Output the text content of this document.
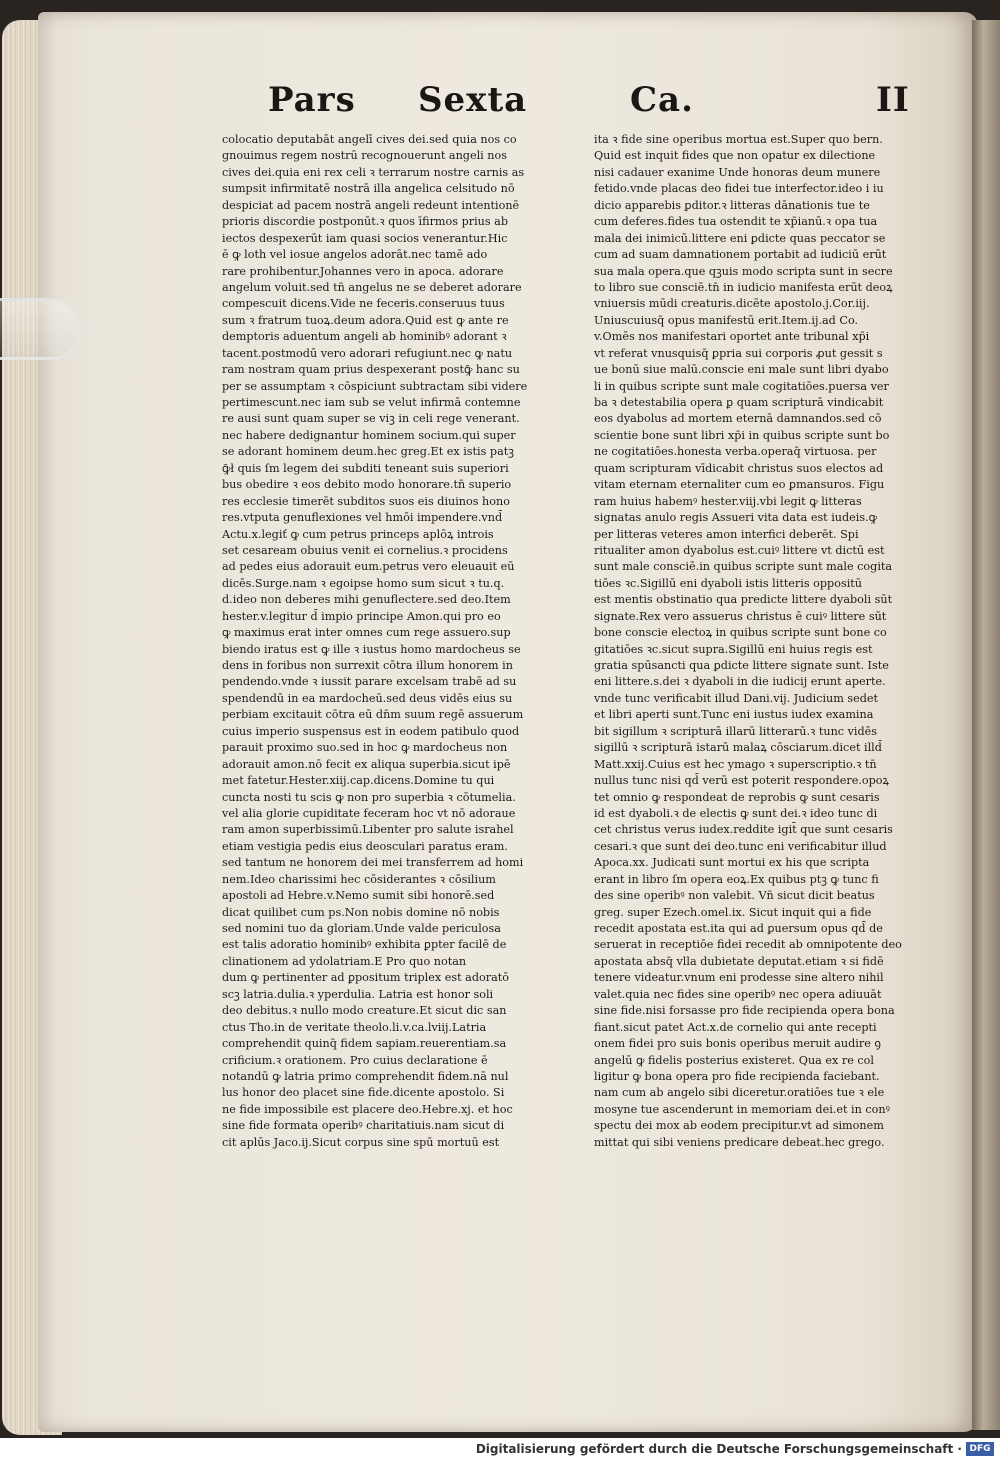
Pars Sexta	Ca.	II
colocatio deputabāt angelī cives dei.sed quia nos co
gnouimus regem nostrū recognouerunt angeli nos
cives dei.quia eni rex celi ꝛ terrarum nostre carnis as
sumpsit infirmitatē nostrā illa angelica celsitudo nō
despiciat ad pacem nostrā angeli redeunt intentionē
prioris discordie postponūt.ꝛ quos īfirmos prius ab
iectos despexerūt iam quasi socios venerantur.Hic
ē ꝙ loth vel iosue angelos adorāt.nec tamē ado
rare prohibentur.Johannes vero in apoca. adorare
angelum voluit.sed tn̄ angelus ne se deberet adorare
compescuit dicens.Vide ne feceris.conseruus tuus
sum ꝛ fratrum tuoꝝ.deum adora.Quid est ꝙ ante re
demptoris aduentum angeli ab hominibꝰ adorant ꝛ
tacent.postmodū vero adorari refugiunt.nec ꝙ natu
ram nostram quam prius despexerant postꝙ̄ hanc su
per se assumptam ꝛ cōspiciunt subtractam sibi videre
pertimescunt.nec iam sub se velut infirmā contemne
re ausi sunt quam super se viꝫ in celi rege venerant.
nec habere dedignantur hominem socium.qui super
se adorant hominem deum.hec greg.Et ex istis patꝫ
ꝙ̄ł quis ſm legem dei subditi teneant suis superiori
bus obedire ꝛ eos debito modo honorare.tn̄ superio
res ecclesie timerēt subditos suos eis diuinos hono
res.vtputa genuflexiones vel hmōi impendere.vnd̄
Actu.x.legiť ꝙ cum petrus princeps aplōꝝ introis
set cesaream obuius venit ei cornelius.ꝛ procidens
ad pedes eius adorauit eum.petrus vero eleuauit eū
dicēs.Surge.nam ꝛ egoipse homo sum sicut ꝛ tu.q.
d.ideo non deberes mihi genuflectere.sed deo.Item
hester.v.legitur d̄ impio principe Amon.qui pro eo
ꝙ maximus erat inter omnes cum rege assuero.sup
biendo iratus est ꝙ ille ꝛ iustus homo mardocheus se
dens in foribus non surrexit cōtra illum honorem in
pendendo.vnde ꝛ iussit parare excelsam trabē ad su
spendendū in ea mardocheū.sed deus vidēs eius su
perbiam excitauit cōtra eū dn̄m suum regē assuerum
cuius imperio suspensus est in eodem patibulo quod
parauit proximo suo.sed in hoc ꝙ mardocheus non
adorauit amon.nō fecit ex aliqua superbia.sicut ipē
met fatetur.Hester.xiij.cap.dicens.Domine tu qui
cuncta nosti tu scis ꝙ non pro superbia ꝛ cōtumelia.
vel alia glorie cupiditate feceram hoc vt nō adoraue
ram amon superbissimū.Libenter pro salute israhel
etiam vestigia pedis eius deosculari paratus eram.
sed tantum ne honorem dei mei transferrem ad homi
nem.Ideo charissimi hec cōsiderantes ꝛ cōsilium
apostoli ad Hebre.v.Nemo sumit sibi honorē.sed
dicat quilibet cum ps.Non nobis domine nō nobis
sed nomini tuo da gloriam.Unde valde periculosa
est talis adoratio hominibꝰ exhibita ꝑpter facilē de
clinationem ad ydolatriam.E Pro quo notan
dum ꝙ pertinenter ad ꝑpositum triplex est adoratō
scꝫ latria.dulia.ꝛ yperdulia. Latria est honor soli
deo debitus.ꝛ nullo modo creature.Et sicut dic san
ctus Tho.in de veritate theolo.li.v.ca.lviij.Latria
comprehendit quinq̄ fidem sapiam.reuerentiam.sa
crificium.ꝛ orationem. Pro cuius declaratione ē
notandū ꝙ latria primo comprehendit fidem.nā nul
lus honor deo placet sine fide.dicente apostolo. Si
ne fide impossibile est placere deo.Hebre.xj. et hoc
sine fide formata operibꝰ charitatiuis.nam sicut di
cit aplūs Jaco.ij.Sicut corpus sine spū mortuū est
ita ꝛ fide sine operibus mortua est.Super quo bern.
Quid est inquit fides que non opatur ex dilectione
nisi cadauer exanime Unde honoras deum munere
fetido.vnde placas deo fidei tue interfector.ideo i iu
dicio apparebis ꝑditor.ꝛ litteras dānationis tue te
cum deferes.fides tua ostendit te xp̄ianū.ꝛ opa tua
mala dei inimicū.littere eni ꝑdicte quas peccator se
cum ad suam damnationem portabit ad iudiciū erūt
sua mala opera.que qꝫuis modo scripta sunt in secre
to libro sue consciē.tn̄ in iudicio manifesta erūt deoꝝ
vniuersis mūdi creaturis.dicēte apostolo.j.Cor.iij.
Uniuscuiusq̄ opus manifestū erit.Item.ij.ad Co.
v.Omēs nos manifestari oportet ante tribunal xp̄i
vt referat vnusquisq̄ ꝑpria sui corporis ꝓut gessit s
ue bonū siue malū.conscie eni male sunt libri dyabo
li in quibus scripte sunt male cogitatiōes.puersa ver
ba ꝛ detestabilia opera ꝑ quam scripturā vindicabit
eos dyabolus ad mortem eternā damnandos.sed cō
scientie bone sunt libri xp̄i in quibus scripte sunt bo
ne cogitatiōes.honesta verba.operaq̄ virtuosa. per
quam scripturam vīdicabit christus suos electos ad
vitam eternam eternaliter cum eo ꝑmansuros. Figu
ram huius habemꝰ hester.viij.vbi legit ꝙ litteras
signatas anulo regis Assueri vita data est iudeis.ꝙ
per litteras veteres amon interfici deberēt. Spi
ritualiter amon dyabolus est.cuiꝰ littere vt dictū est
sunt male consciē.in quibus scripte sunt male cogita
tiōes ꝛc.Sigillū eni dyaboli istis litteris oppositū
est mentis obstinatio qua predicte littere dyaboli sūt
signate.Rex vero assuerus christus ē cuiꝰ littere sūt
bone conscie electoꝝ in quibus scripte sunt bone co
gitatiōes ꝛc.sicut supra.Sigillū eni huius regis est
gratia spūsancti qua ꝑdicte littere signate sunt. Iste
eni littere.s.dei ꝛ dyaboli in die iudicij erunt aperte.
vnde tunc verificabit illud Dani.vij. Judicium sedet
et libri aperti sunt.Tunc eni iustus iudex examina
bit sigillum ꝛ scripturā illarū litterarū.ꝛ tunc vidēs
sigillū ꝛ scripturā istarū malaꝝ cōsciarum.dicet illd̄
Matt.xxij.Cuius est hec ymago ꝛ superscriptio.ꝛ tn̄
nullus tunc nisi qd̄ verū est poterit respondere.opoꝝ
tet omnio ꝙ respondeat de reprobis ꝙ sunt cesaris
id est dyaboli.ꝛ de electis ꝙ sunt dei.ꝛ ideo tunc di
cet christus verus iudex.reddite igit̄ que sunt cesaris
cesari.ꝛ que sunt dei deo.tunc eni verificabitur illud
Apoca.xx. Judicati sunt mortui ex his que scripta
erant in libro ſm opera eoꝝ.Ex quibus ptꝫ ꝙ tunc fi
des sine operibꝰ non valebit. Vn̄ sicut dicit beatus
greg. super Ezech.omel.ix. Sicut inquit qui a fide
recedit apostata est.ita qui ad ꝑuersum opus qd̄ de
seruerat in receptiōe fidei recedit ab omnipotente deo
apostata absq̄ vlla dubietate deputat.etiam ꝛ si fidē
tenere videatur.vnum eni prodesse sine altero nihil
valet.quia nec fides sine operibꝰ nec opera adiuuāt
sine fide.nisi forsasse pro fide recipienda opera bona
fiant.sicut patet Act.x.de cornelio qui ante recepti
onem fidei pro suis bonis operibus meruit audire ꝯ
angelū ꝙ fidelis posterius existeret. Qua ex re col
ligitur ꝙ bona opera pro fide recipienda faciebant.
nam cum ab angelo sibi diceretur.oratiōes tue ꝛ ele
mosyne tue ascenderunt in memoriam dei.et in conꝰ
spectu dei mox ab eodem precipitur.vt ad simonem
mittat qui sibi veniens predicare debeat.hec grego.
Digitalisierung gefördert durch die Deutsche Forschungsgemeinschaft · DFG
